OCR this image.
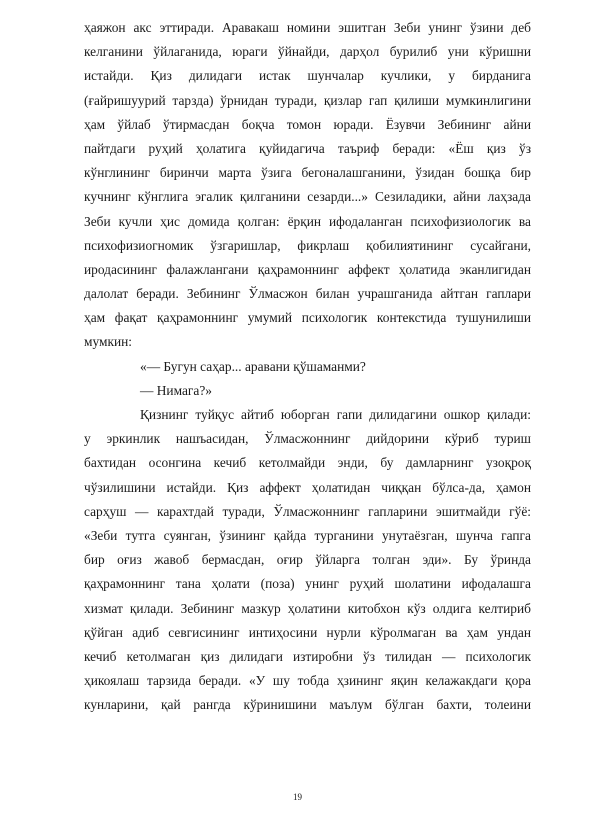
ҳаяжон акс эттиради. Аравакаш номини эшитган Зеби унинг ўзини деб
келганини ўйлаганида, юраги ўйнайди, дарҳол бурилиб уни кўришни
истайди. Қиз дилидаги истак шунчалар кучлики, у бирданига
(ғайришуурий тарзда) ўрнидан туради, қизлар гап қилиши мумкинлигини
ҳам ўйлаб ўтирмасдан боқча томон юради. Ёзувчи Зебининг айни
пайтдаги руҳий ҳолатига қуйидагича таъриф беради: «Ёш қиз ўз
кўнглининг биринчи марта ўзига бегоналашганини, ўзидан бошқа бир
кучнинг кўнглига эгалик қилганини сезарди...» Сезиладики, айни лаҳзада
Зеби кучли ҳис домида қолган: ёрқин ифодаланган психофизиологик ва
психофизиогномик ўзгаришлар, фикрлаш қобилиятининг сусайгани,
иродасининг фалажлангани қаҳрамоннинг аффект ҳолатида эканлигидан
далолат беради. Зебининг Ўлмасжон билан учрашганида айтган гаплари
ҳам фақат қаҳрамоннинг умумий психологик контекстида тушунилиши
мумкин:
«— Бугун саҳар... аравани қўшаманми?
— Нимага?»
Қизнинг туйқус айтиб юборган гапи дилидагини ошкор қилади:
у эркинлик нашъасидан, Ўлмасжоннинг дийдорини кўриб туриш
бахтидан осонгина кечиб кетолмайди энди, бу дамларнинг узоқроқ
чўзилишини истайди. Қиз аффект ҳолатидан чиққан бўлса-да, ҳамон
сарҳуш — карахтдай туради, Ўлмасжоннинг гапларини эшитмайди гўё:
«Зеби тутга суянган, ўзининг қайда турганини унутаёзган, шунча гапга
бир оғиз жавоб бермасдан, оғир ўйларга толган эди». Бу ўринда
қаҳрамоннинг тана ҳолати (поза) унинг руҳий шолатини ифодалашга
хизмат қилади. Зебининг мазкур ҳолатини китобхон кўз олдига келтириб
қўйган адиб севгисининг интиҳосини нурли кўролмаган ва ҳам ундан
кечиб кетолмаган қиз дилидаги изтиробни ўз тилидан — психологик
ҳикоялаш тарзида беради. «У шу тобда ҳзининг яқин келажакдаги қора
кунларини, қай рангда кўринишини маълум бўлган бахти, толеини
19
